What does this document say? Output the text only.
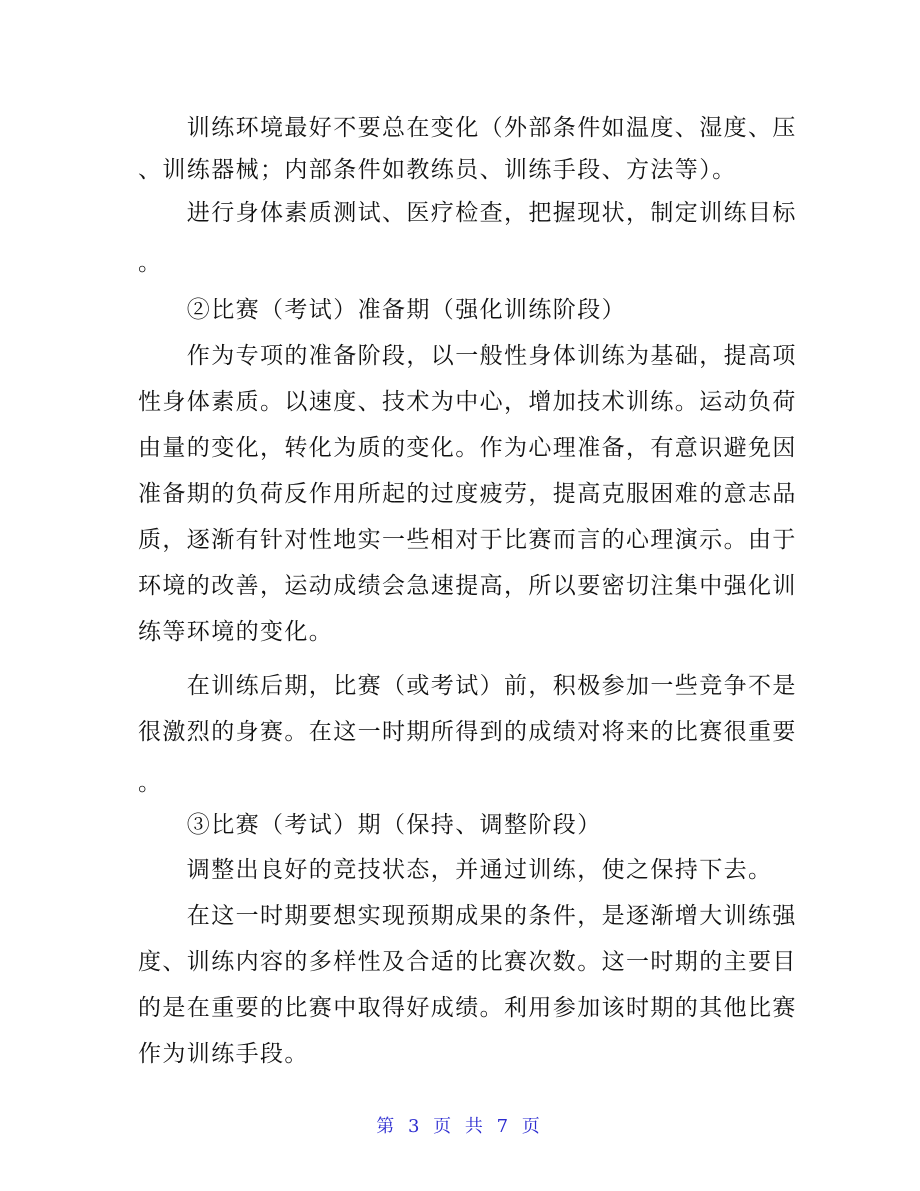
　　训练环境最好不要总在变化（外部条件如温度、湿度、压
、训练器械；内部条件如教练员、训练手段、方法等）。
　　进行身体素质测试、医疗检查，把握现状，制定训练目标
。
　　②比赛（考试）准备期（强化训练阶段）
　　作为专项的准备阶段，以一般性身体训练为基础，提高项
性身体素质。以速度、技术为中心，增加技术训练。运动负荷
由量的变化，转化为质的变化。作为心理准备，有意识避免因
准备期的负荷反作用所起的过度疲劳，提高克服困难的意志品
质，逐渐有针对性地实一些相对于比赛而言的心理演示。由于
环境的改善，运动成绩会急速提高，所以要密切注集中强化训
练等环境的变化。
　　在训练后期，比赛（或考试）前，积极参加一些竞争不是
很激烈的身赛。在这一时期所得到的成绩对将来的比赛很重要
。
　　③比赛（考试）期（保持、调整阶段）
　　调整出良好的竞技状态，并通过训练，使之保持下去。
　　在这一时期要想实现预期成果的条件，是逐渐增大训练强
度、训练内容的多样性及合适的比赛次数。这一时期的主要目
的是在重要的比赛中取得好成绩。利用参加该时期的其他比赛
作为训练手段。
第 3 页 共 7 页
